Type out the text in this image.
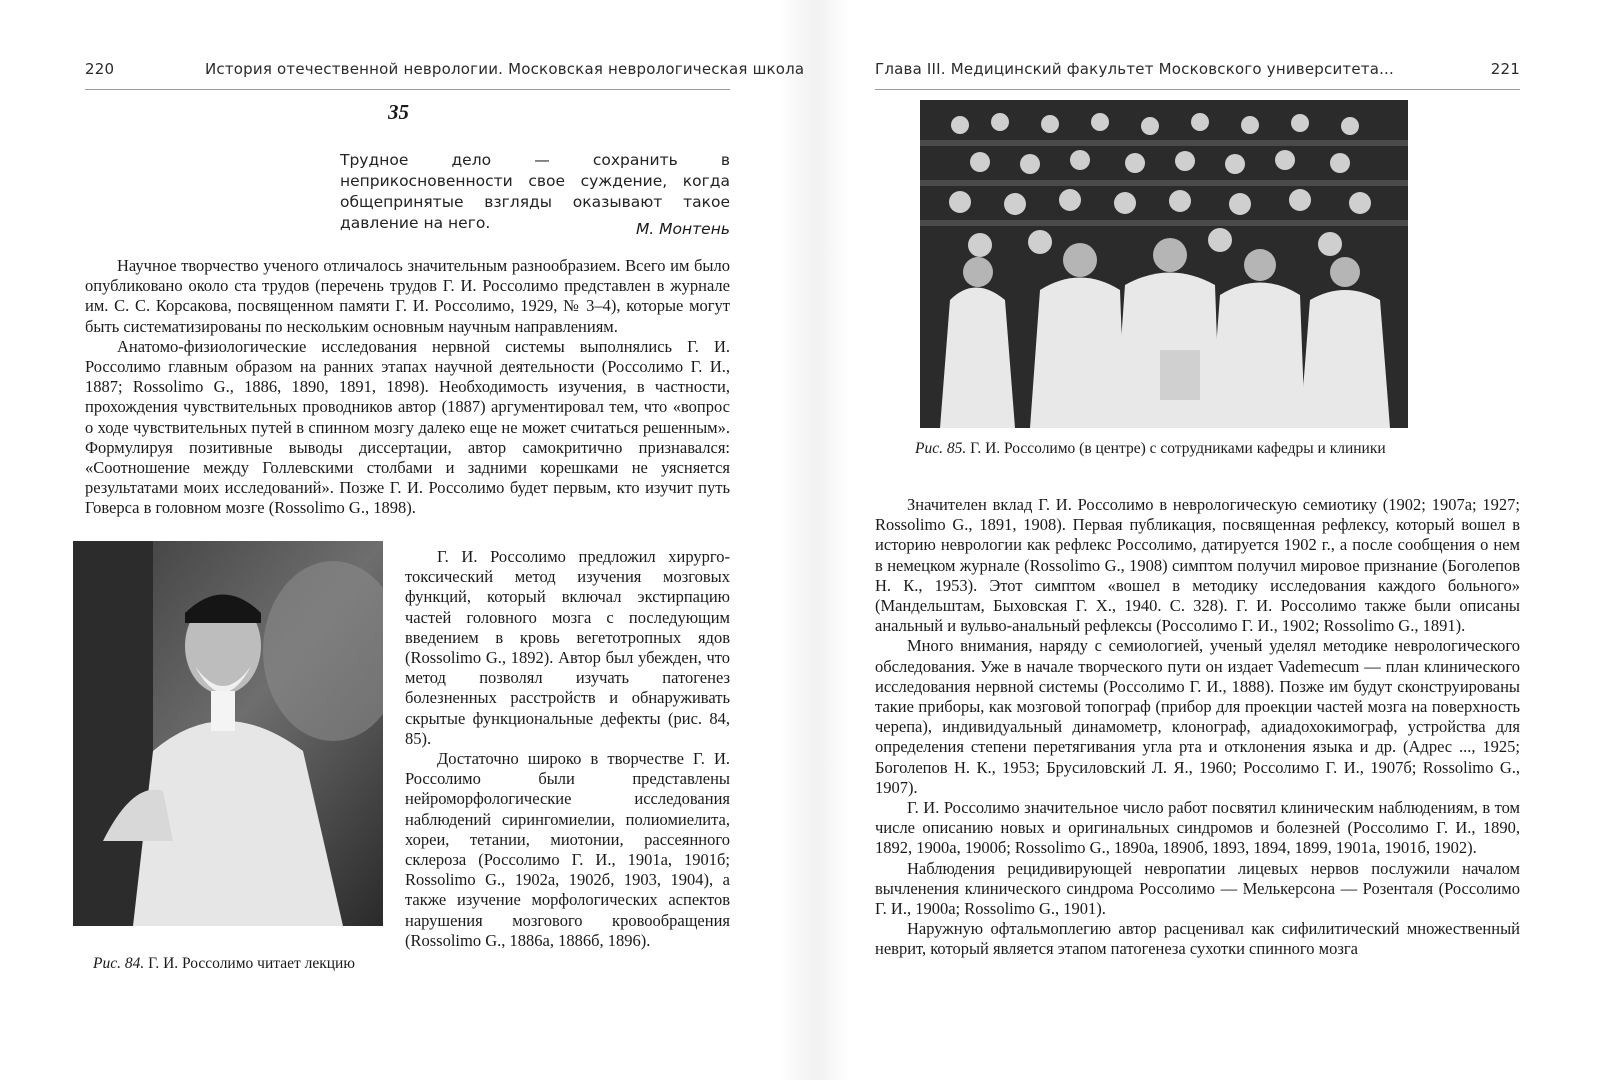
220	История отечественной неврологии. Московская неврологическая школа
35
Трудное дело — сохранить в неприкосновенности свое суждение, когда общепринятые взгляды оказывают такое давление на него.	М. Монтень

Научное творчество ученого отличалось значительным разнообразием. Всего им было опубликовано около ста трудов (перечень трудов Г. И. Россолимо представлен в журнале им. С. С. Корсакова, посвященном памяти Г. И. Россолимо, 1929, № 3–4), которые могут быть систематизированы по нескольким основным научным направлениям.

Анатомо-физиологические исследования нервной системы выполнялись Г. И. Россолимо главным образом на ранних этапах научной деятельности (Россолимо Г. И., 1887; Rossolimo G., 1886, 1890, 1891, 1898). Необходимость изучения, в частности, прохождения чувствительных проводников автор (1887) аргументировал тем, что «вопрос о ходе чувствительных путей в спинном мозгу далеко еще не может считаться решенным». Формулируя позитивные выводы диссертации, автор самокритично признавался: «Соотношение между Голлевскими столбами и задними корешками не уясняется результатами моих исследований». Позже Г. И. Россолимо будет первым, кто изучит путь Говерса в головном мозге (Rossolimo G., 1898).

Рис. 84. Г. И. Россолимо читает лекцию

Г. И. Россолимо предложил хирурго-токсический метод изучения мозговых функций, который включал экстирпацию частей головного мозга с последующим введением в кровь вегетотропных ядов (Rossolimo G., 1892). Автор был убежден, что метод позволял изучать патогенез болезненных расстройств и обнаруживать скрытые функциональные дефекты (рис. 84, 85).

Достаточно широко в творчестве Г. И. Россолимо были представлены нейроморфологические исследования наблюдений сирингомиелии, полиомиелита, хореи, тетании, миотонии, рассеянного склероза (Россолимо Г. И., 1901а, 1901б; Rossolimo G., 1902а, 1902б, 1903, 1904), а также изучение морфологических аспектов нарушения мозгового кровообращения (Rossolimo G., 1886а, 1886б, 1896).

Глава III. Медицинский факультет Московского университета...	221
Рис. 85. Г. И. Россолимо (в центре) с сотрудниками кафедры и клиники

Значителен вклад Г. И. Россолимо в неврологическую семиотику (1902; 1907а; 1927; Rossolimo G., 1891, 1908). Первая публикация, посвященная рефлексу, который вошел в историю неврологии как рефлекс Россолимо, датируется 1902 г., а после сообщения о нем в немецком журнале (Rossolimo G., 1908) симптом получил мировое признание (Боголепов Н. К., 1953). Этот симптом «вошел в методику исследования каждого больного» (Мандельштам, Быховская Г. Х., 1940. С. 328). Г. И. Россолимо также были описаны анальный и вульво-анальный рефлексы (Россолимо Г. И., 1902; Rossolimo G., 1891).

Много внимания, наряду с семиологией, ученый уделял методике неврологического обследования. Уже в начале творческого пути он издает Vademecum — план клинического исследования нервной системы (Россолимо Г. И., 1888). Позже им будут сконструированы такие приборы, как мозговой топограф (прибор для проекции частей мозга на поверхность черепа), индивидуальный динамометр, клонограф, адиадохокимограф, устройства для определения степени перетягивания угла рта и отклонения языка и др. (Адрес ..., 1925; Боголепов Н. К., 1953; Брусиловский Л. Я., 1960; Россолимо Г. И., 1907б; Rossolimo G., 1907).

Г. И. Россолимо значительное число работ посвятил клиническим наблюдениям, в том числе описанию новых и оригинальных синдромов и болезней (Россолимо Г. И., 1890, 1892, 1900а, 1900б; Rossolimo G., 1890а, 1890б, 1893, 1894, 1899, 1901а, 1901б, 1902).

Наблюдения рецидивирующей невропатии лицевых нервов послужили началом вычленения клинического синдрома Россолимо — Мелькерсона — Розенталя (Россолимо Г. И., 1900а; Rossolimo G., 1901).

Наружную офтальмоплегию автор расценивал как сифилитический множественный неврит, который является этапом патогенеза сухотки спинного мозга
